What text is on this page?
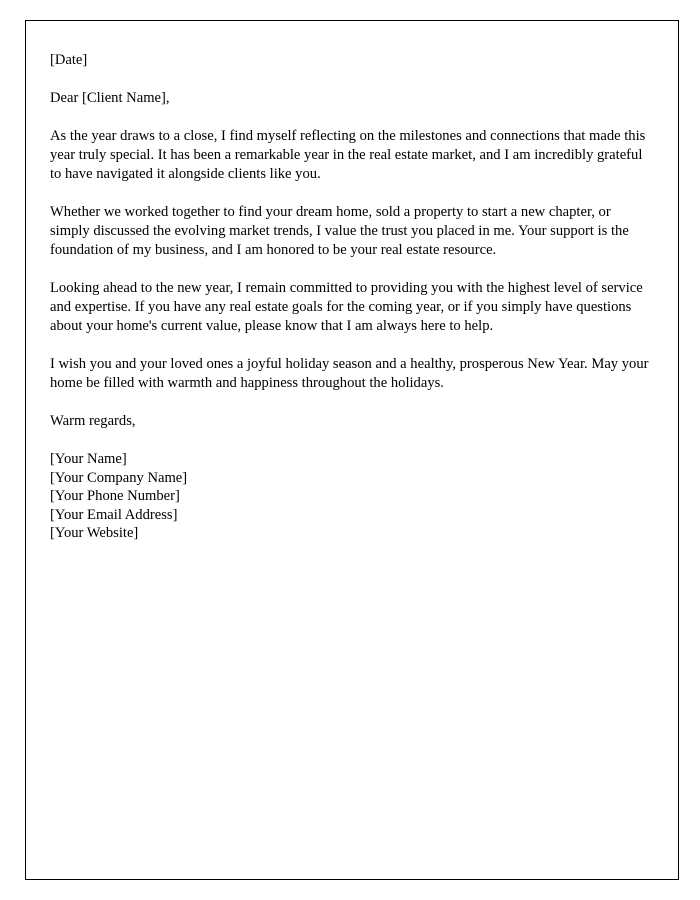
[Date]
Dear [Client Name],

As the year draws to a close, I find myself reflecting on the milestones and connections that made this year truly special. It has been a remarkable year in the real estate market, and I am incredibly grateful to have navigated it alongside clients like you.

Whether we worked together to find your dream home, sold a property to start a new chapter, or simply discussed the evolving market trends, I value the trust you placed in me. Your support is the foundation of my business, and I am honored to be your real estate resource.

Looking ahead to the new year, I remain committed to providing you with the highest level of service and expertise. If you have any real estate goals for the coming year, or if you simply have questions about your home's current value, please know that I am always here to help.

I wish you and your loved ones a joyful holiday season and a healthy, prosperous New Year. May your home be filled with warmth and happiness throughout the holidays.

Warm regards,
[Your Name]
[Your Company Name]
[Your Phone Number]
[Your Email Address]
[Your Website]
